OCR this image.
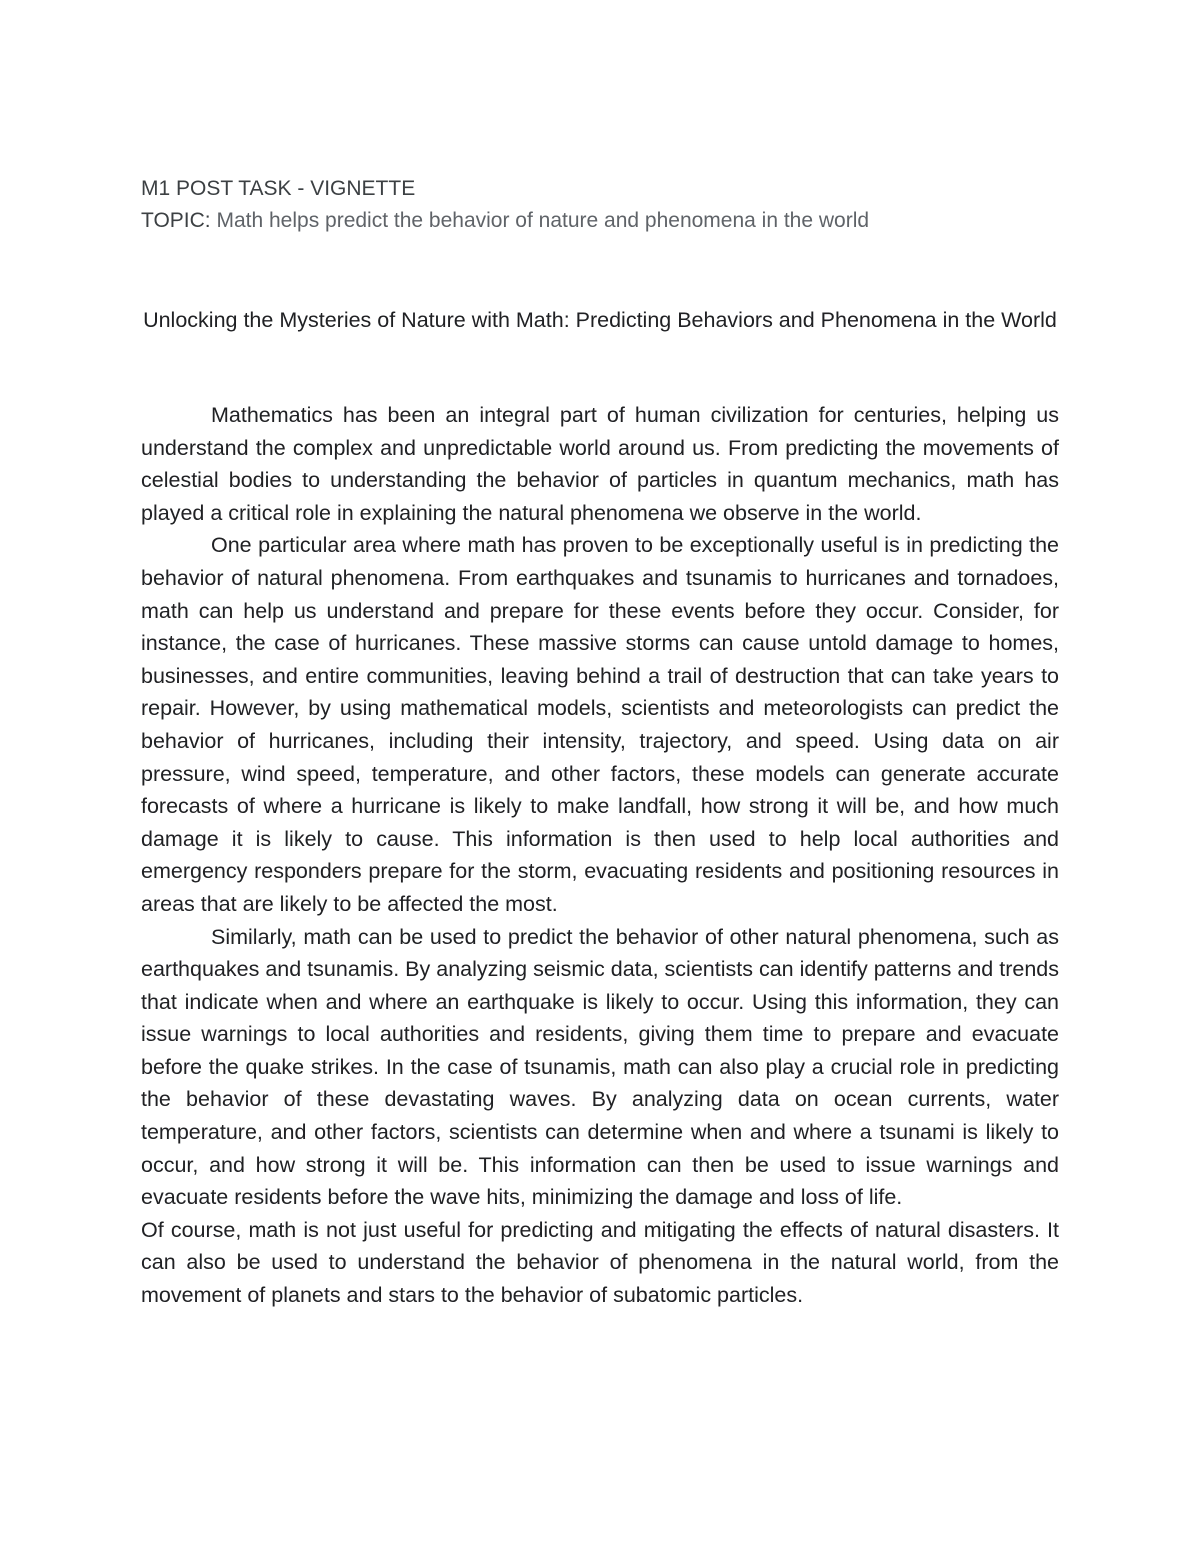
M1 POST TASK - VIGNETTE
TOPIC: Math helps predict the behavior of nature and phenomena in the world
Unlocking the Mysteries of Nature with Math: Predicting Behaviors and Phenomena in the World

Mathematics has been an integral part of human civilization for centuries, helping us understand the complex and unpredictable world around us. From predicting the movements of celestial bodies to understanding the behavior of particles in quantum mechanics, math has played a critical role in explaining the natural phenomena we observe in the world.

One particular area where math has proven to be exceptionally useful is in predicting the behavior of natural phenomena. From earthquakes and tsunamis to hurricanes and tornadoes, math can help us understand and prepare for these events before they occur. Consider, for instance, the case of hurricanes. These massive storms can cause untold damage to homes, businesses, and entire communities, leaving behind a trail of destruction that can take years to repair. However, by using mathematical models, scientists and meteorologists can predict the behavior of hurricanes, including their intensity, trajectory, and speed. Using data on air pressure, wind speed, temperature, and other factors, these models can generate accurate forecasts of where a hurricane is likely to make landfall, how strong it will be, and how much damage it is likely to cause. This information is then used to help local authorities and emergency responders prepare for the storm, evacuating residents and positioning resources in areas that are likely to be affected the most.

Similarly, math can be used to predict the behavior of other natural phenomena, such as earthquakes and tsunamis. By analyzing seismic data, scientists can identify patterns and trends that indicate when and where an earthquake is likely to occur. Using this information, they can issue warnings to local authorities and residents, giving them time to prepare and evacuate before the quake strikes. In the case of tsunamis, math can also play a crucial role in predicting the behavior of these devastating waves. By analyzing data on ocean currents, water temperature, and other factors, scientists can determine when and where a tsunami is likely to occur, and how strong it will be. This information can then be used to issue warnings and evacuate residents before the wave hits, minimizing the damage and loss of life.

Of course, math is not just useful for predicting and mitigating the effects of natural disasters. It can also be used to understand the behavior of phenomena in the natural world, from the movement of planets and stars to the behavior of subatomic particles.
